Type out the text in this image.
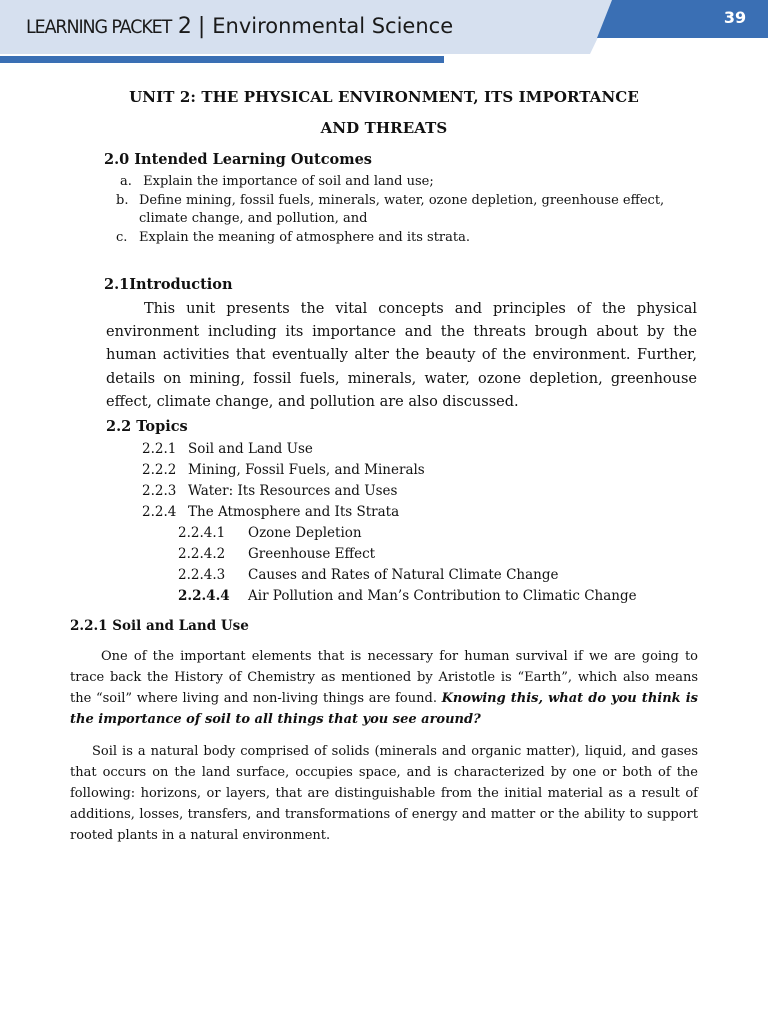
LEARNING PACKET 2 | Environmental Science	39
UNIT 2: THE PHYSICAL ENVIRONMENT, ITS IMPORTANCE
AND THREATS
2.0 Intended Learning Outcomes
a. Explain the importance of soil and land use;
b. Define mining, fossil fuels, minerals, water, ozone depletion, greenhouse effect,
climate change, and pollution, and
c. Explain the meaning of atmosphere and its strata.
2.1Introduction
This unit presents the vital concepts and principles of the physical environment including its importance and the threats brough about by the human activities that eventually alter the beauty of the environment. Further, details on mining, fossil fuels, minerals, water, ozone depletion, greenhouse effect, climate change, and pollution are also discussed.
2.2 Topics
2.2.1 Soil and Land Use
2.2.2 Mining, Fossil Fuels, and Minerals
2.2.3 Water: Its Resources and Uses
2.2.4 The Atmosphere and Its Strata
2.2.4.1 Ozone Depletion
2.2.4.2 Greenhouse Effect
2.2.4.3 Causes and Rates of Natural Climate Change
2.2.4.4 Air Pollution and Man’s Contribution to Climatic Change
2.2.1 Soil and Land Use
One of the important elements that is necessary for human survival if we are going to trace back the History of Chemistry as mentioned by Aristotle is “Earth”, which also means the “soil” where living and non-living things are found. Knowing this, what do you think is the importance of soil to all things that you see around?
Soil is a natural body comprised of solids (minerals and organic matter), liquid, and gases that occurs on the land surface, occupies space, and is characterized by one or both of the following: horizons, or layers, that are distinguishable from the initial material as a result of additions, losses, transfers, and transformations of energy and matter or the ability to support rooted plants in a natural environment.
